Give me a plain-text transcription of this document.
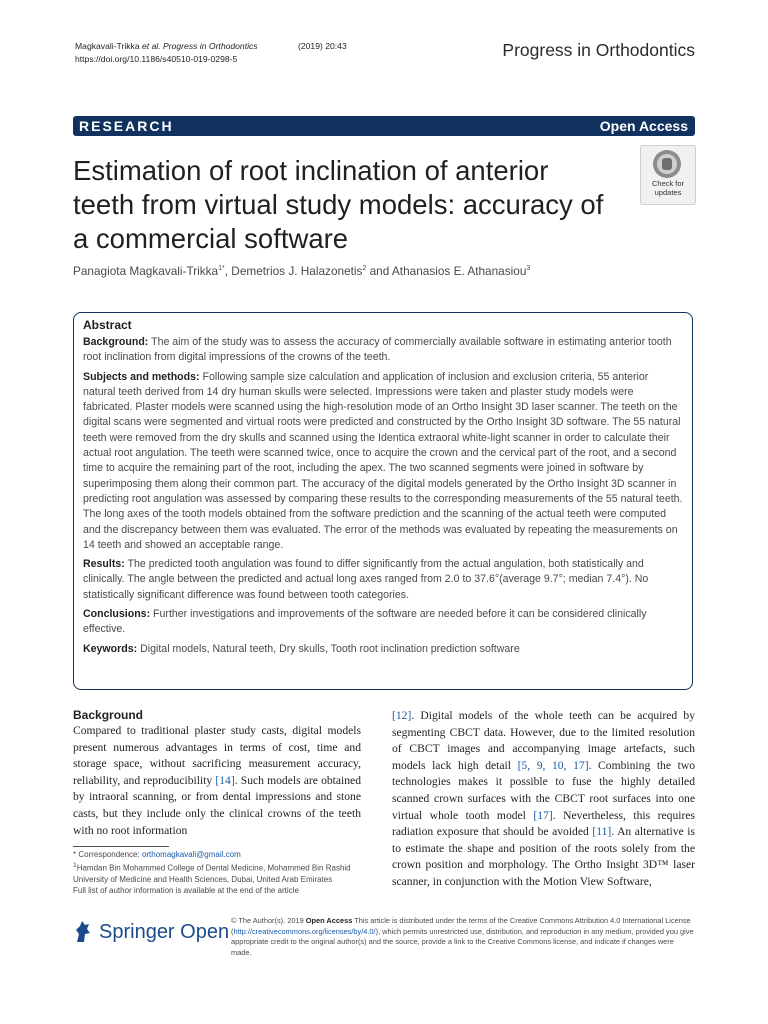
Magkavali-Trikka et al. Progress in Orthodontics	(2019) 20:43
https://doi.org/10.1186/s40510-019-0298-5	Progress in Orthodontics
RESEARCH	Open Access
Estimation of root inclination of anterior teeth from virtual study models: accuracy of a commercial software
Check for updates
Panagiota Magkavali-Trikka$^{1*}$, Demetrios J. Halazonetis$^2$ and Athanasios E. Athanasiou$^3$
Abstract

Background: The aim of the study was to assess the accuracy of commercially available software in estimating anterior tooth root inclination from digital impressions of the crowns of the teeth.

Subjects and methods: Following sample size calculation and application of inclusion and exclusion criteria, 55 anterior natural teeth derived from 14 dry human skulls were selected. Impressions were taken and plaster study models were fabricated. Plaster models were scanned using the high-resolution mode of an Ortho Insight 3D laser scanner. The teeth on the digital scans were segmented and virtual roots were predicted and constructed by the Ortho Insight 3D software. The 55 natural teeth were removed from the dry skulls and scanned using the Identica extraoral white-light scanner in order to calculate their actual root angulation. The teeth were scanned twice, once to acquire the crown and the cervical part of the root, and a second time to acquire the remaining part of the root, including the apex. The two scanned segments were joined in software by superimposing them along their common part. The accuracy of the digital models generated by the Ortho Insight 3D scanner in predicting root angulation was assessed by comparing these results to the corresponding measurements of the 55 natural teeth. The long axes of the tooth models obtained from the software prediction and the scanning of the actual teeth were computed and the discrepancy between them was evaluated. The error of the methods was evaluated by repeating the measurements on 14 teeth and showed an acceptable range.

Results: The predicted tooth angulation was found to differ significantly from the actual angulation, both statistically and clinically. The angle between the predicted and actual long axes ranged from 2.0 to 37.6°(average 9.7°; median 7.4°). No statistically significant difference was found between tooth categories.

Conclusions: Further investigations and improvements of the software are needed before it can be considered clinically effective.

Keywords: Digital models, Natural teeth, Dry skulls, Tooth root inclination prediction software

Background

Compared to traditional plaster study casts, digital models present numerous advantages in terms of cost, time and storage space, without sacrificing measurement accuracy, reliability, and reproducibility [14]. Such models are obtained by intraoral scanning, or from dental impressions and stone casts, but they include only the clinical crowns of the teeth with no root information

[12]. Digital models of the whole teeth can be acquired by segmenting CBCT data. However, due to the limited resolution of CBCT images and accompanying image artefacts, such models lack high detail [5, 9, 10, 17]. Combining the two technologies makes it possible to fuse the highly detailed scanned crown surfaces with the CBCT root surfaces into one virtual whole tooth model [17]. Nevertheless, this requires radiation exposure that should be avoided [11]. An alternative is to estimate the shape and position of the roots solely from the crown position and morphology. The Ortho Insight 3D™ laser scanner, in conjunction with the Motion View Software,

* Correspondence: orthomagkavali@gmail.com

$^1$Hamdan Bin Mohammed College of Dental Medicine, Mohammed Bin Rashid University of Medicine and Health Sciences, Dubai, United Arab Emirates

Full list of author information is available at the end of the article

Springer Open
© The Author(s). 2019 Open Access This article is distributed under the terms of the Creative Commons Attribution 4.0 International License (http://creativecommons.org/licenses/by/4.0/), which permits unrestricted use, distribution, and reproduction in any medium, provided you give appropriate credit to the original author(s) and the source, provide a link to the Creative Commons license, and indicate if changes were made.
